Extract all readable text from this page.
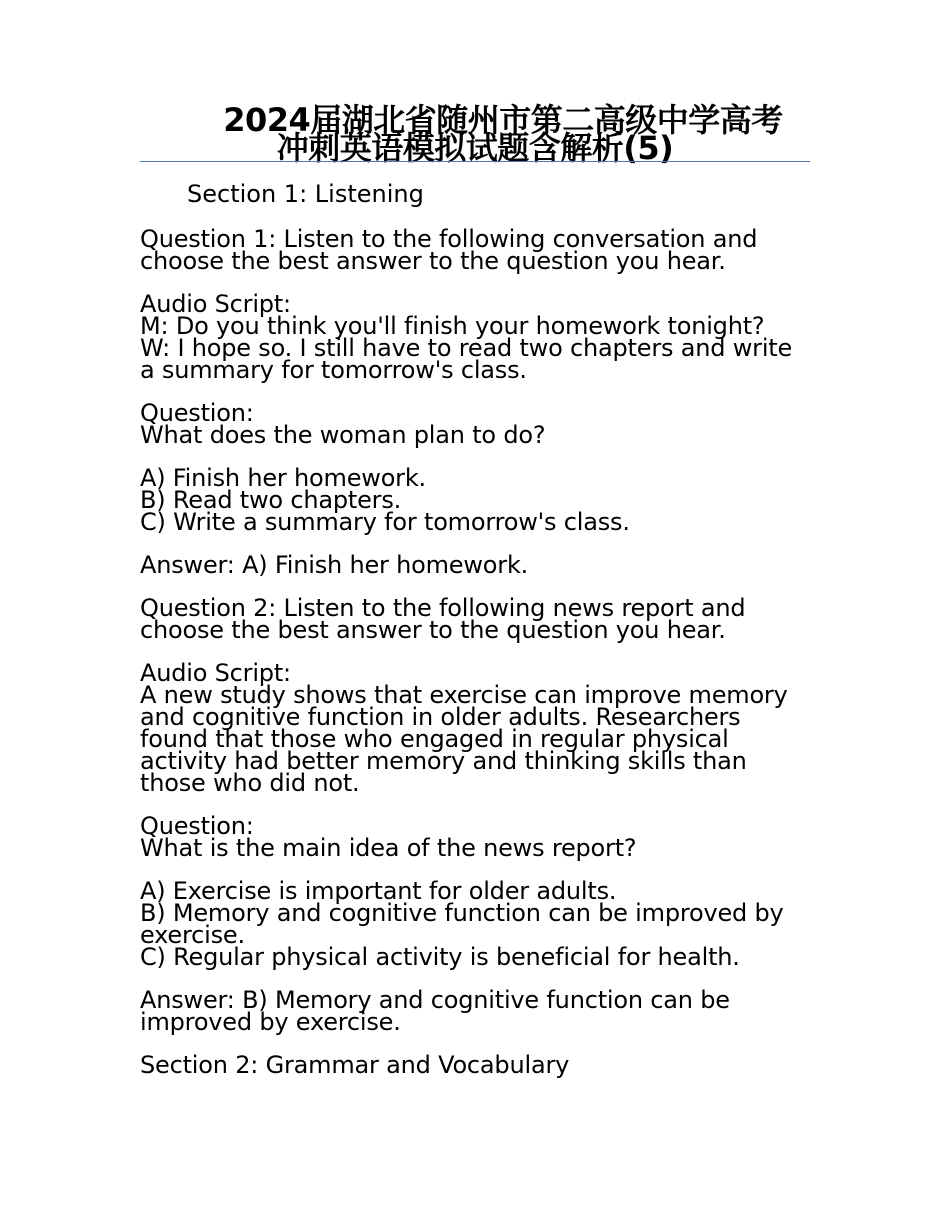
2024届湖北省随州市第二高级中学高考
冲刺英语模拟试题含解析(5)
Section 1: Listening
Question 1: Listen to the following conversation and
choose the best answer to the question you hear.
Audio Script:
M: Do you think you'll finish your homework tonight?
W: I hope so. I still have to read two chapters and write
a summary for tomorrow's class.
Question:
What does the woman plan to do?
A) Finish her homework.
B) Read two chapters.
C) Write a summary for tomorrow's class.
Answer: A) Finish her homework.
Question 2: Listen to the following news report and
choose the best answer to the question you hear.
Audio Script:
A new study shows that exercise can improve memory
and cognitive function in older adults. Researchers
found that those who engaged in regular physical
activity had better memory and thinking skills than
those who did not.
Question:
What is the main idea of the news report?
A) Exercise is important for older adults.
B) Memory and cognitive function can be improved by
exercise.
C) Regular physical activity is beneficial for health.
Answer: B) Memory and cognitive function can be
improved by exercise.
Section 2: Grammar and Vocabulary
